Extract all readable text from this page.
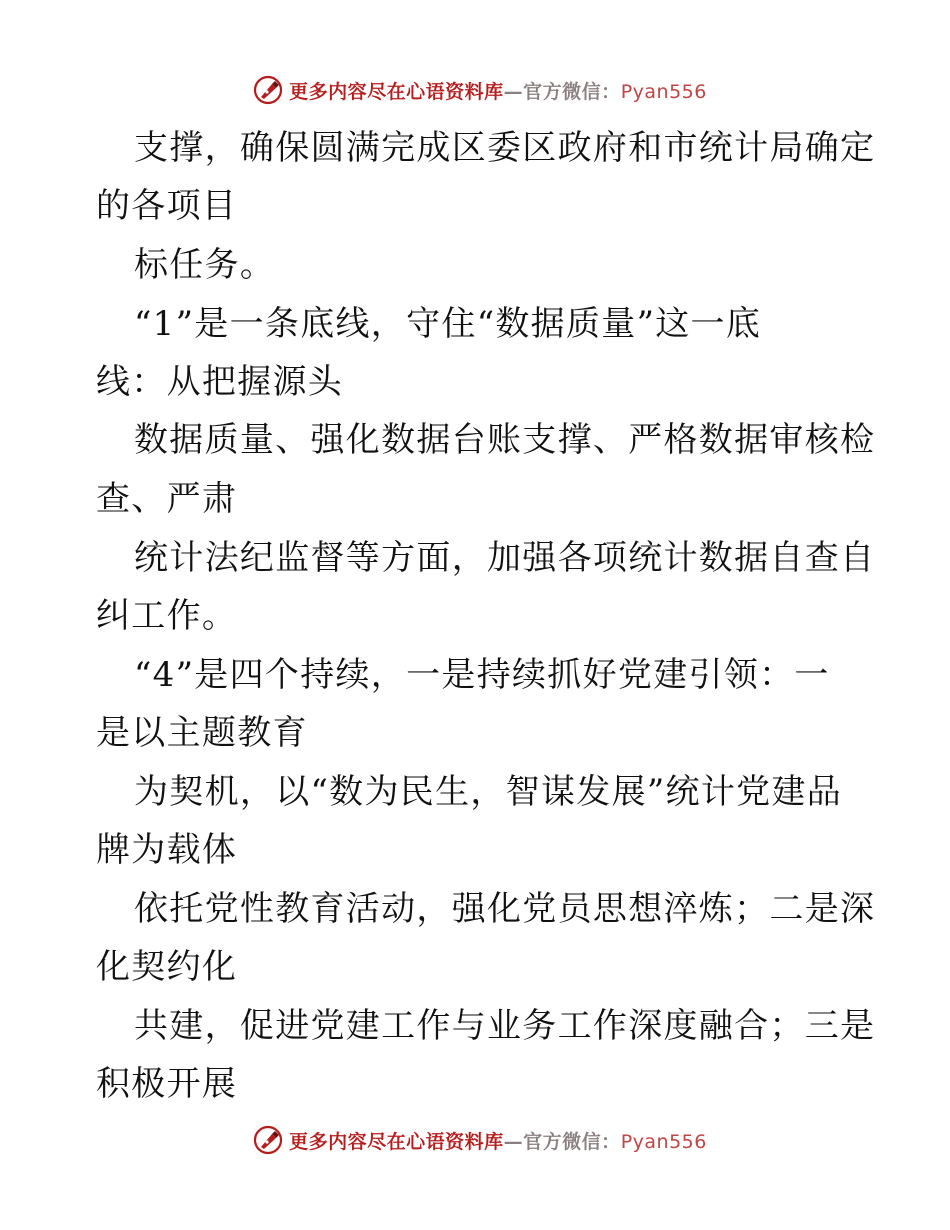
更多内容尽在心语资料库—官方微信：Pyan556
支撑，确保圆满完成区委区政府和市统计局确定
的各项目
标任务。
“1”是一条底线，守住“数据质量”这一底
线：从把握源头
数据质量、强化数据台账支撑、严格数据审核检
查、严肃
统计法纪监督等方面，加强各项统计数据自查自
纠工作。
“4”是四个持续，一是持续抓好党建引领：一
是以主题教育
为契机，以“数为民生，智谋发展”统计党建品
牌为载体
依托党性教育活动，强化党员思想淬炼；二是深
化契约化
共建，促进党建工作与业务工作深度融合；三是
积极开展
更多内容尽在心语资料库—官方微信：Pyan556
